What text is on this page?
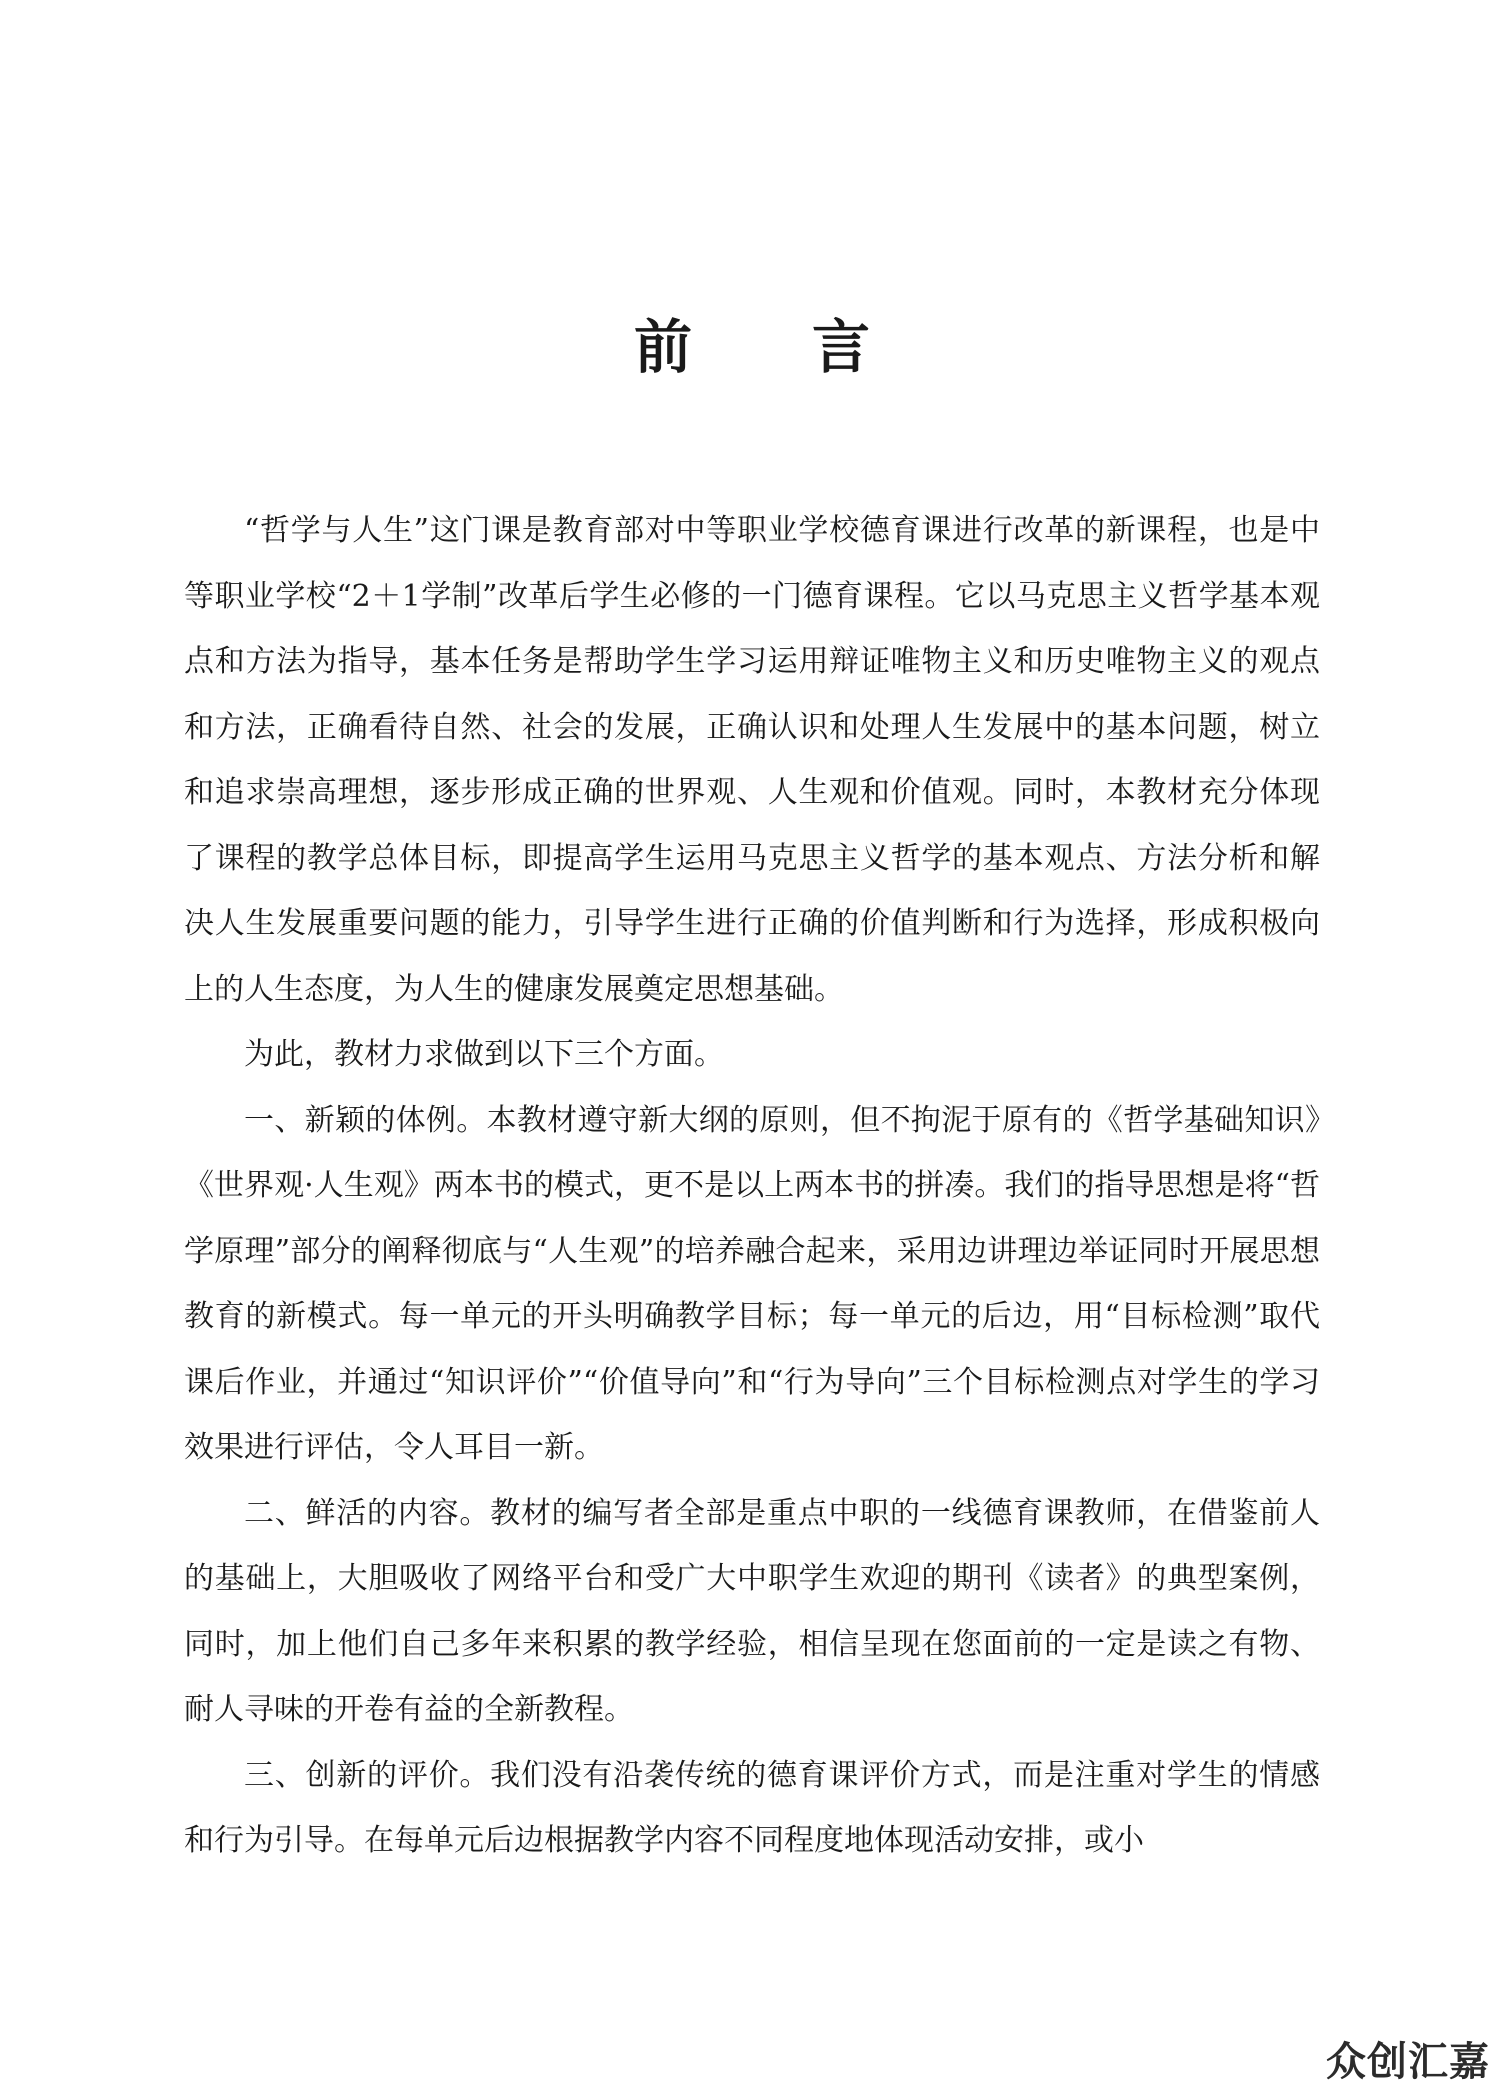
前言

“哲学与人生”这门课是教育部对中等职业学校德育课进行改革的新课程，也是中等职业学校“2＋1学制”改革后学生必修的一门德育课程。它以马克思主义哲学基本观点和方法为指导，基本任务是帮助学生学习运用辩证唯物主义和历史唯物主义的观点和方法，正确看待自然、社会的发展，正确认识和处理人生发展中的基本问题，树立和追求崇高理想，逐步形成正确的世界观、人生观和价值观。同时，本教材充分体现了课程的教学总体目标，即提高学生运用马克思主义哲学的基本观点、方法分析和解决人生发展重要问题的能力，引导学生进行正确的价值判断和行为选择，形成积极向上的人生态度，为人生的健康发展奠定思想基础。

为此，教材力求做到以下三个方面。

一、新颖的体例。本教材遵守新大纲的原则，但不拘泥于原有的《哲学基础知识》《世界观·人生观》两本书的模式，更不是以上两本书的拼凑。我们的指导思想是将“哲学原理”部分的阐释彻底与“人生观”的培养融合起来，采用边讲理边举证同时开展思想教育的新模式。每一单元的开头明确教学目标；每一单元的后边，用“目标检测”取代课后作业，并通过“知识评价”“价值导向”和“行为导向”三个目标检测点对学生的学习效果进行评估，令人耳目一新。

二、鲜活的内容。教材的编写者全部是重点中职的一线德育课教师，在借鉴前人的基础上，大胆吸收了网络平台和受广大中职学生欢迎的期刊《读者》的典型案例，同时，加上他们自己多年来积累的教学经验，相信呈现在您面前的一定是读之有物、耐人寻味的开卷有益的全新教程。

三、创新的评价。我们没有沿袭传统的德育课评价方式，而是注重对学生的情感和行为引导。在每单元后边根据教学内容不同程度地体现活动安排，或小

众创汇嘉
